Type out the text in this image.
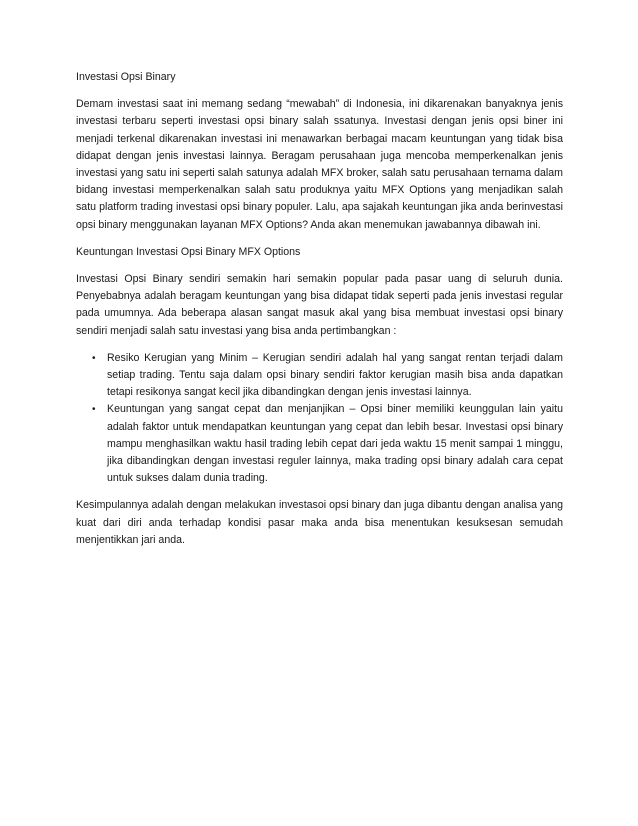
Investasi Opsi Binary

Demam investasi saat ini memang sedang “mewabah” di Indonesia, ini dikarenakan banyaknya jenis investasi terbaru seperti investasi opsi binary salah ssatunya. Investasi dengan jenis opsi biner ini menjadi terkenal dikarenakan investasi ini menawarkan berbagai macam keuntungan yang tidak bisa didapat dengan jenis investasi lainnya. Beragam perusahaan juga mencoba memperkenalkan jenis investasi yang satu ini seperti salah satunya adalah MFX broker, salah satu perusahaan ternama dalam bidang investasi memperkenalkan salah satu produknya yaitu MFX Options yang menjadikan salah satu platform trading investasi opsi binary populer. Lalu, apa sajakah keuntungan jika anda berinvestasi opsi binary menggunakan layanan MFX Options? Anda akan menemukan jawabannya dibawah ini.

Keuntungan Investasi Opsi Binary MFX Options

Investasi Opsi Binary sendiri semakin hari semakin popular pada pasar uang di seluruh dunia. Penyebabnya adalah beragam keuntungan yang bisa didapat tidak seperti pada jenis investasi regular pada umumnya. Ada beberapa alasan sangat masuk akal yang bisa membuat investasi opsi binary sendiri menjadi salah satu investasi yang bisa anda pertimbangkan :

• Resiko Kerugian yang Minim – Kerugian sendiri adalah hal yang sangat rentan terjadi dalam setiap trading. Tentu saja dalam opsi binary sendiri faktor kerugian masih bisa anda dapatkan tetapi resikonya sangat kecil jika dibandingkan dengan jenis investasi lainnya.
• Keuntungan yang sangat cepat dan menjanjikan – Opsi biner memiliki keunggulan lain yaitu adalah faktor untuk mendapatkan keuntungan yang cepat dan lebih besar. Investasi opsi binary mampu menghasilkan waktu hasil trading lebih cepat dari jeda waktu 15 menit sampai 1 minggu, jika dibandingkan dengan investasi reguler lainnya, maka trading opsi binary adalah cara cepat untuk sukses dalam dunia trading.

Kesimpulannya adalah dengan melakukan investasoi opsi binary dan juga dibantu dengan analisa yang kuat dari diri anda terhadap kondisi pasar maka anda bisa menentukan kesuksesan semudah menjentikkan jari anda.
